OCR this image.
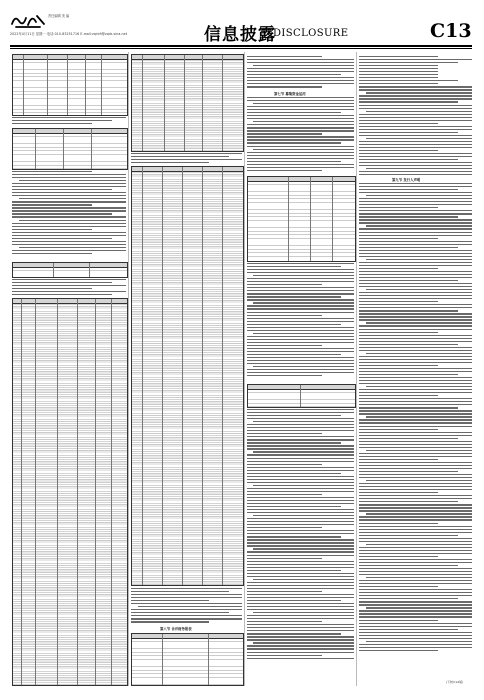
责任编辑 美 编
2022年4月11日 星期一 电话:010-83251716 E-mail:zqrb9@zqrb.sina.net	信息披露
DISCLOSURE	C13
第八节 合并财务报表
第七节 募集资金运用
第九节 发行人声明
(下转C14版)
